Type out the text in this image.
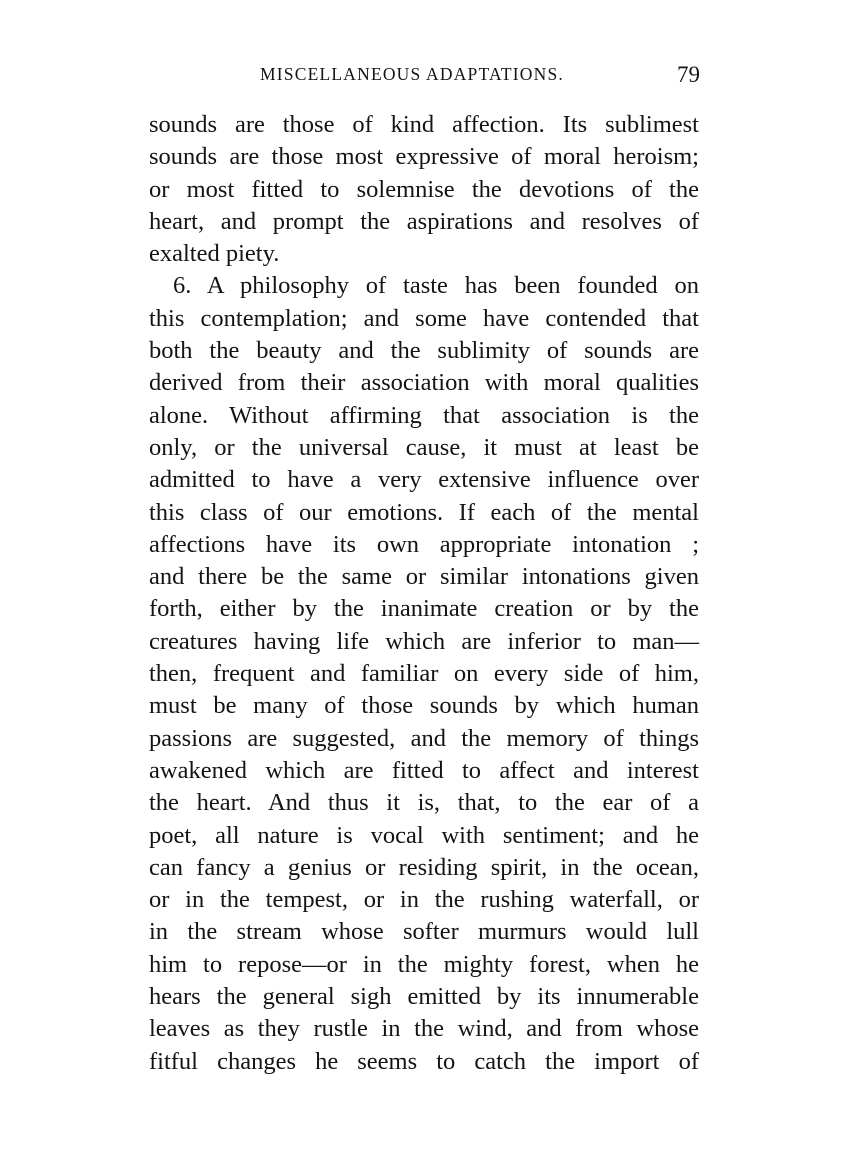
MISCELLANEOUS ADAPTATIONS.	79
sounds are those of kind affection. Its sublimest
sounds are those most expressive of moral heroism;
or most fitted to solemnise the devotions of the
heart, and prompt the aspirations and resolves of
exalted piety.
6. A philosophy of taste has been founded on
this contemplation; and some have contended that
both the beauty and the sublimity of sounds are
derived from their association with moral qualities
alone. Without affirming that association is the
only, or the universal cause, it must at least be
admitted to have a very extensive influence over
this class of our emotions. If each of the mental
affections have its own appropriate intonation ;
and there be the same or similar intonations given
forth, either by the inanimate creation or by the
creatures having life which are inferior to man—
then, frequent and familiar on every side of him,
must be many of those sounds by which human
passions are suggested, and the memory of things
awakened which are fitted to affect and interest
the heart. And thus it is, that, to the ear of a
poet, all nature is vocal with sentiment; and he
can fancy a genius or residing spirit, in the ocean,
or in the tempest, or in the rushing waterfall, or
in the stream whose softer murmurs would lull
him to repose—or in the mighty forest, when he
hears the general sigh emitted by its innumerable
leaves as they rustle in the wind, and from whose
fitful changes he seems to catch the import of
